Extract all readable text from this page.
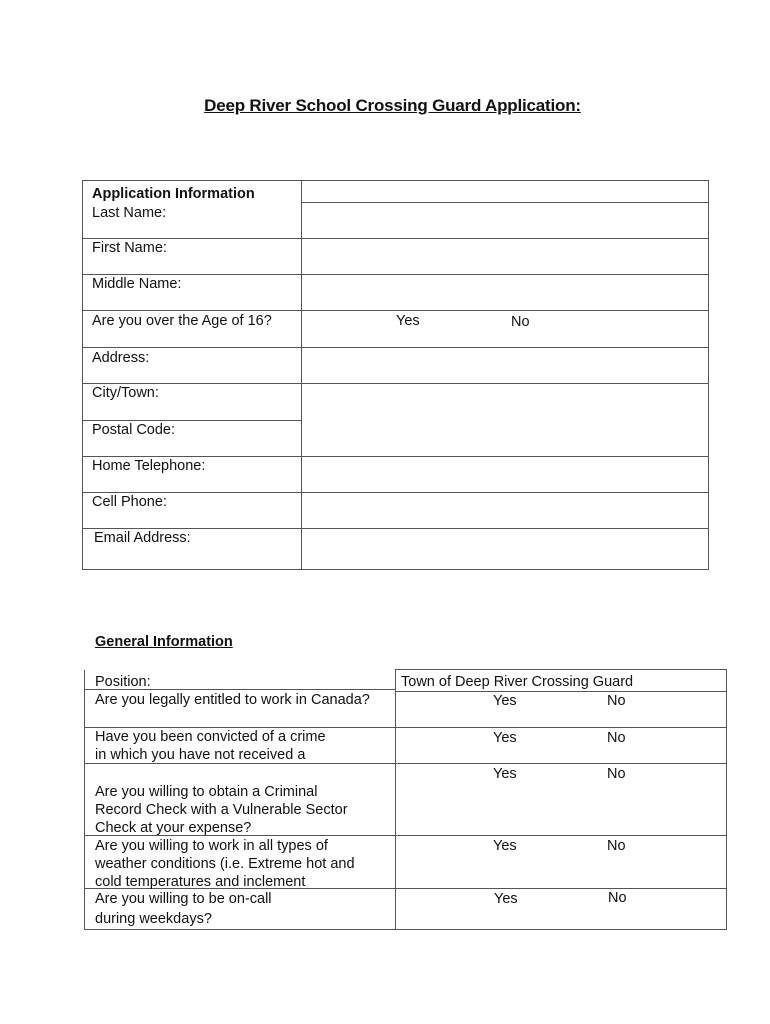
Deep River School Crossing Guard Application:
Application Information
Last Name:
First Name:
Middle Name:
Are you over the Age of 16?	Yes	No
Address:
City/Town:
Postal Code:
Home Telephone:
Cell Phone:
Email Address:
General Information
Position:	Town of Deep River Crossing Guard
Are you legally entitled to work in Canada?	Yes	No
Have you been convicted of a crime
in which you have not received a
Yes	No
Are you willing to obtain a Criminal
Record Check with a Vulnerable Sector
Check at your expense?
Yes	No
Are you willing to work in all types of
weather conditions (i.e. Extreme hot and
cold temperatures and inclement
Yes	No
Are you willing to be on-call
during weekdays?
Yes	No
